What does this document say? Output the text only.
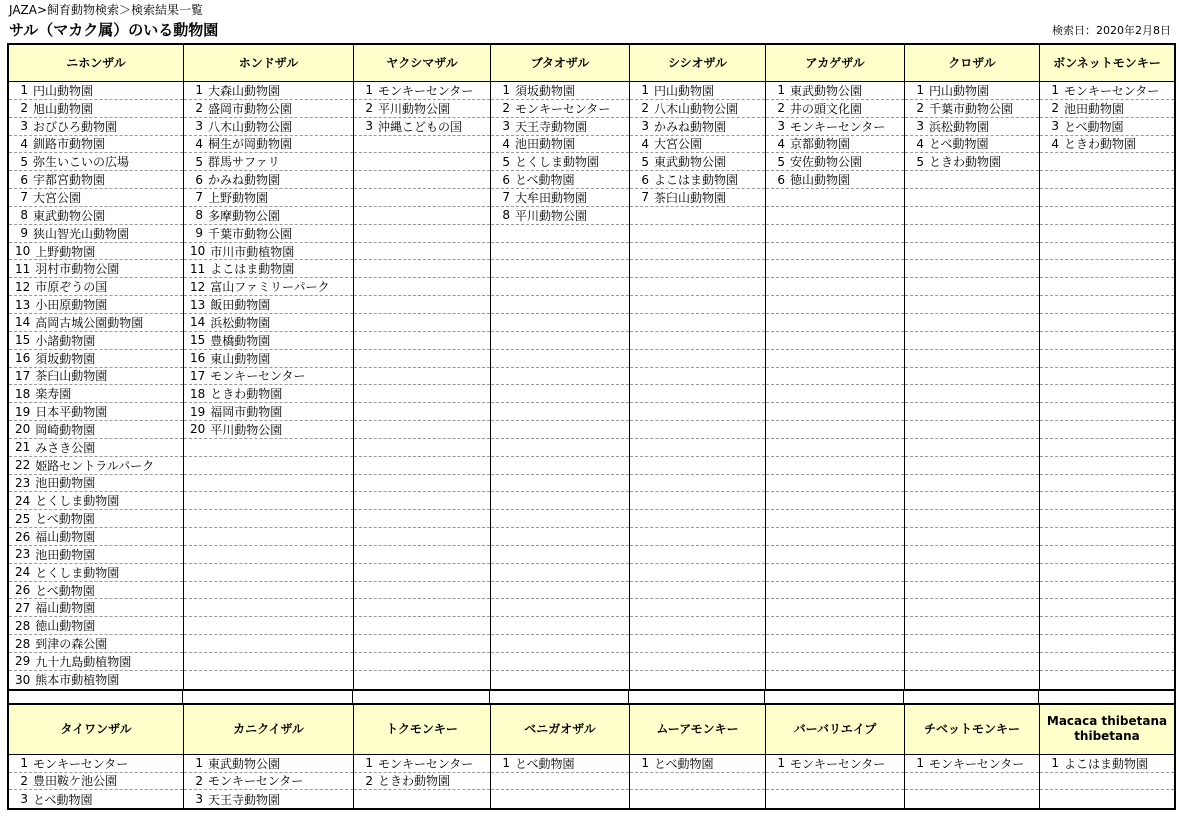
JAZA>飼育動物検索＞検索結果一覧
サル（マカク属）のいる動物園	検索日：2020年2月8日
ニホンザル
1 円山動物園
2 旭山動物園
3 おびひろ動物園
4 釧路市動物園
5 弥生いこいの広場
6 宇都宮動物園
7 大宮公園
8 東武動物公園
9 狭山智光山動物園
10 上野動物園
11 羽村市動物公園
12 市原ぞうの国
13 小田原動物園
14 高岡古城公園動物園
15 小諸動物園
16 須坂動物園
17 茶臼山動物園
18 楽寿園
19 日本平動物園
20 岡崎動物園
21 みさき公園
22 姫路セントラルパーク
23 池田動物園
24 とくしま動物園
25 とべ動物園
26 福山動物園
23 池田動物園
24 とくしま動物園
26 とべ動物園
27 福山動物園
28 徳山動物園
28 到津の森公園
29 九十九島動植物園
30 熊本市動植物園
ホンドザル
1 大森山動物園
2 盛岡市動物公園
3 八木山動物公園
4 桐生が岡動物園
5 群馬サファリ
6 かみね動物園
7 上野動物園
8 多摩動物公園
9 千葉市動物公園
10 市川市動植物園
11 よこはま動物園
12 富山ファミリーパーク
13 飯田動物園
14 浜松動物園
15 豊橋動物園
16 東山動物園
17 モンキーセンター
18 ときわ動物園
19 福岡市動物園
20 平川動物公園
ヤクシマザル
1 モンキーセンター
2 平川動物公園
3 沖縄こどもの国
ブタオザル
1 須坂動物園
2 モンキーセンター
3 天王寺動物園
4 池田動物園
5 とくしま動物園
6 とべ動物園
7 大牟田動物園
8 平川動物公園
シシオザル
1 円山動物園
2 八木山動物公園
3 かみね動物園
4 大宮公園
5 東武動物公園
6 よこはま動物園
7 茶臼山動物園
アカゲザル
1 東武動物公園
2 井の頭文化園
3 モンキーセンター
4 京都動物園
5 安佐動物公園
6 徳山動物園
クロザル
1 円山動物園
2 千葉市動物公園
3 浜松動物園
4 とべ動物園
5 ときわ動物園
ボンネットモンキー
1 モンキーセンター
2 池田動物園
3 とべ動物園
4 ときわ動物園
タイワンザル
1 モンキーセンター
2 豊田鞍ケ池公園
3 とべ動物園
カニクイザル
1 東武動物公園
2 モンキーセンター
3 天王寺動物園
トクモンキー
1 モンキーセンター
2 ときわ動物園
ベニガオザル
1 とべ動物園
ムーアモンキー
1 とべ動物園
バーバリエイプ
1 モンキーセンター
チベットモンキー
1 モンキーセンター
Macaca thibetana thibetana
1 よこはま動物園
